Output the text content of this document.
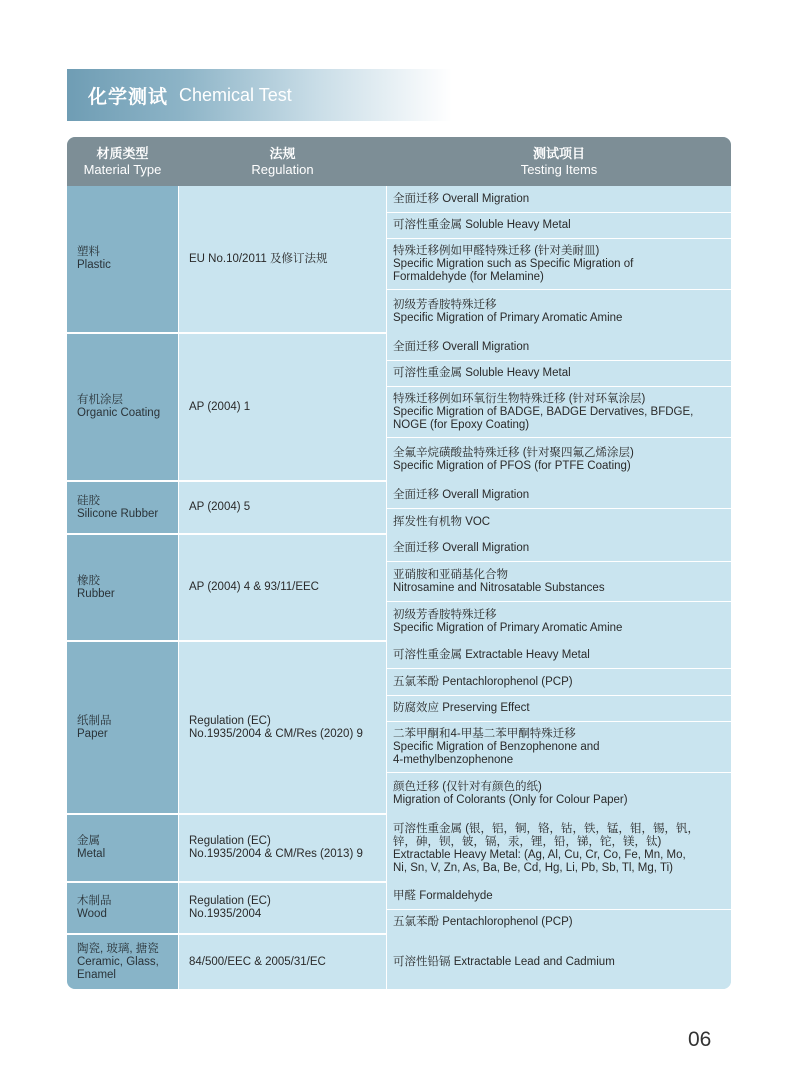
化学测试 Chemical Test
材质类型
Material Type
法规
Regulation
测试项目
Testing Items
塑料
Plastic
EU No.10/2011 及修订法规
全面迁移 Overall Migration
可溶性重金属 Soluble Heavy Metal
特殊迁移例如甲醛特殊迁移 (针对美耐皿)
Specific Migration such as Specific Migration of
Formaldehyde (for Melamine)
初级芳香胺特殊迁移
Specific Migration of Primary Aromatic Amine
有机涂层
Organic Coating
AP (2004) 1
全面迁移 Overall Migration
可溶性重金属 Soluble Heavy Metal
特殊迁移例如环氧衍生物特殊迁移 (针对环氧涂层)
Specific Migration of BADGE, BADGE Dervatives, BFDGE,
NOGE (for Epoxy Coating)
全氟辛烷磺酸盐特殊迁移 (针对聚四氟乙烯涂层)
Specific Migration of PFOS (for PTFE Coating)
硅胶
Silicone Rubber
AP (2004) 5
全面迁移 Overall Migration
挥发性有机物 VOC
橡胶
Rubber
AP (2004) 4 & 93/11/EEC
全面迁移 Overall Migration
亚硝胺和亚硝基化合物
Nitrosamine and Nitrosatable Substances
初级芳香胺特殊迁移
Specific Migration of Primary Aromatic Amine
纸制品
Paper
Regulation (EC)
No.1935/2004 & CM/Res (2020) 9
可溶性重金属 Extractable Heavy Metal
五氯苯酚 Pentachlorophenol (PCP)
防腐效应 Preserving Effect
二苯甲酮和4-甲基二苯甲酮特殊迁移
Specific Migration of Benzophenone and
4-methylbenzophenone
颜色迁移 (仅针对有颜色的纸)
Migration of Colorants (Only for Colour Paper)
金属
Metal
Regulation (EC)
No.1935/2004 & CM/Res (2013) 9
可溶性重金属 (银，铝，铜，铬，钴，铁，锰，钼，锡，钒，
锌，砷，钡，铍，镉，汞，锂，铅，锑，铊，镁，钛)
Extractable Heavy Metal: (Ag, Al, Cu, Cr, Co, Fe, Mn, Mo,
Ni, Sn, V, Zn, As, Ba, Be, Cd, Hg, Li, Pb, Sb, Tl, Mg, Ti)
木制品
Wood
Regulation (EC)
No.1935/2004
甲醛 Formaldehyde
五氯苯酚 Pentachlorophenol (PCP)
陶瓷, 玻璃, 搪瓷
Ceramic, Glass,
Enamel
84/500/EEC & 2005/31/EC	可溶性铅镉 Extractable Lead and Cadmium
06
